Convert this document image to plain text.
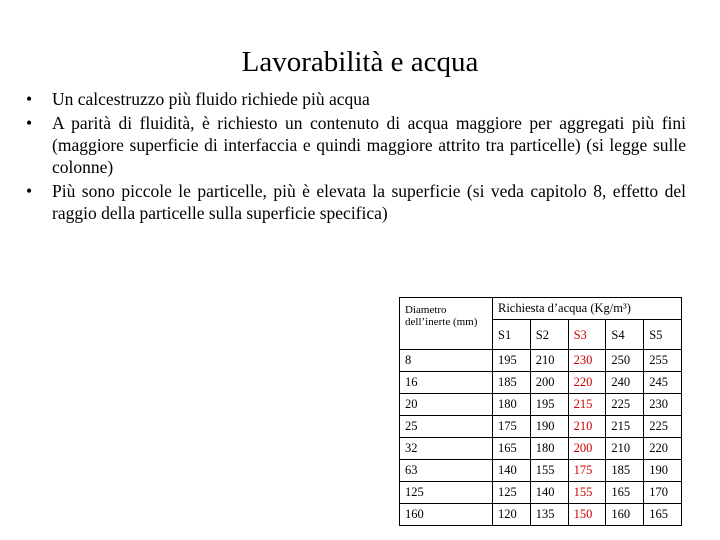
Lavorabilità e acqua
• Un calcestruzzo più fluido richiede più acqua
• A parità di fluidità, è richiesto un contenuto di acqua maggiore per aggregati più fini (maggiore superficie di interfaccia e quindi maggiore attrito tra particelle) (si legge sulle colonne)
• Più sono piccole le particelle, più è elevata la superficie (si veda capitolo 8, effetto del raggio della particelle sulla superficie specifica)
Diametro dell’inerte (mm)	Richiesta d’acqua (Kg/m³)				
	S1	S2	S3	S4	S5
8	195	210	230	250	255
16	185	200	220	240	245
20	180	195	215	225	230
25	175	190	210	215	225
32	165	180	200	210	220
63	140	155	175	185	190
125	125	140	155	165	170
160	120	135	150	160	165
